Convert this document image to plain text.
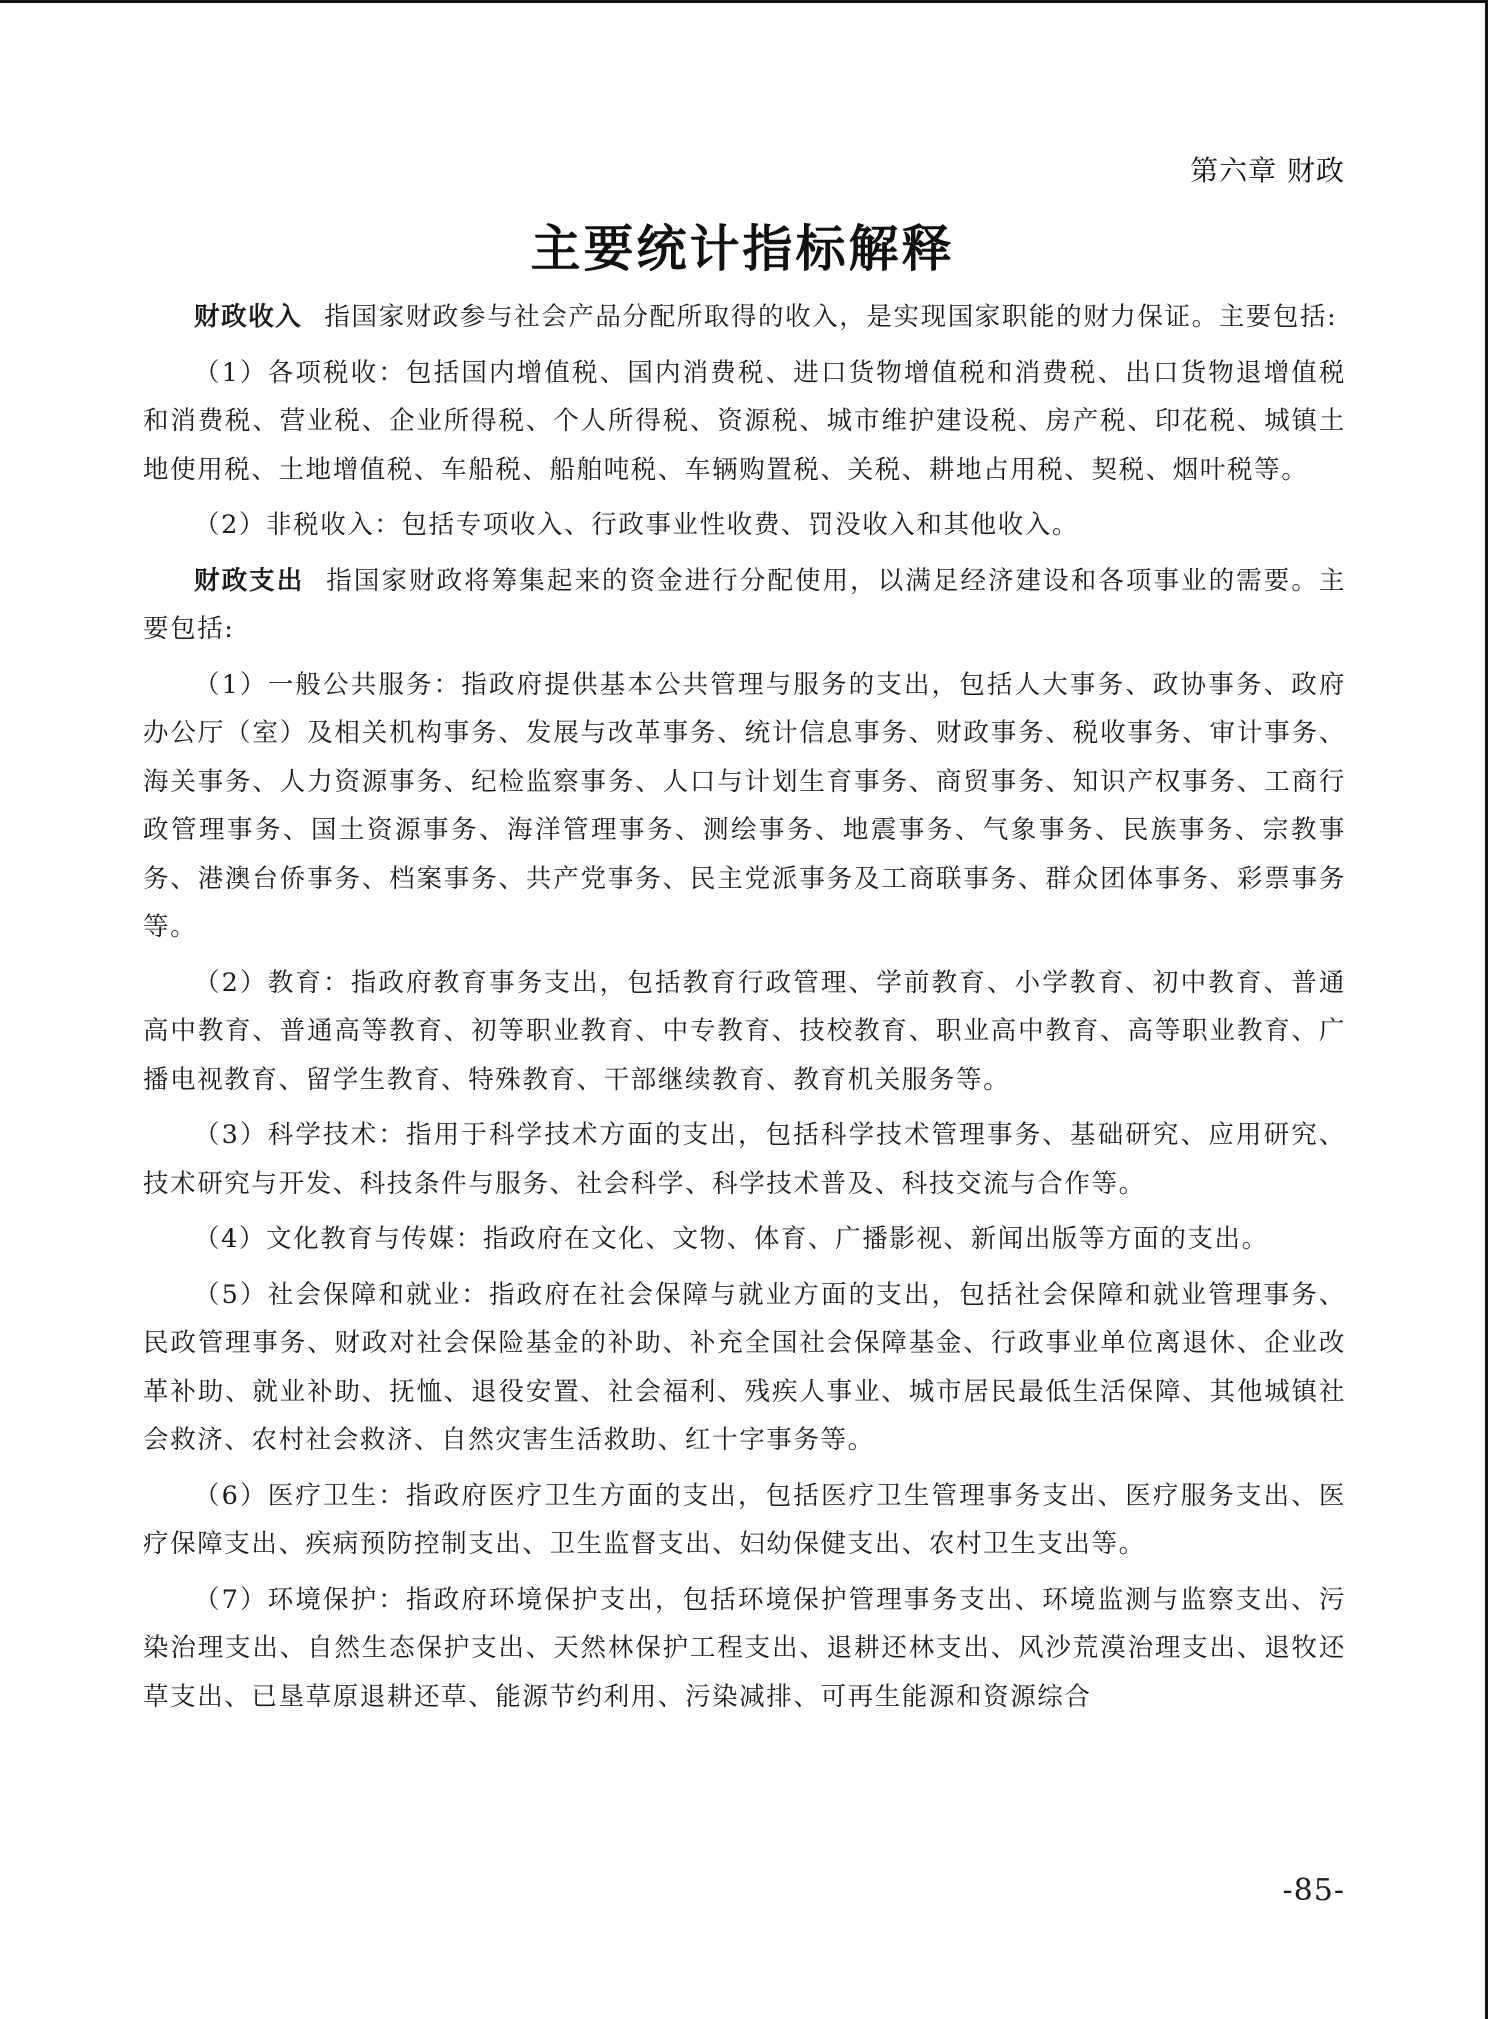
第六章 财政
主要统计指标解释

财政收入 指国家财政参与社会产品分配所取得的收入，是实现国家职能的财力保证。主要包括:

（1）各项税收：包括国内增值税、国内消费税、进口货物增值税和消费税、出口货物退增值税和消费税、营业税、企业所得税、个人所得税、资源税、城市维护建设税、房产税、印花税、城镇土地使用税、土地增值税、车船税、船舶吨税、车辆购置税、关税、耕地占用税、契税、烟叶税等。

（2）非税收入：包括专项收入、行政事业性收费、罚没收入和其他收入。

财政支出 指国家财政将筹集起来的资金进行分配使用，以满足经济建设和各项事业的需要。主要包括:

（1）一般公共服务：指政府提供基本公共管理与服务的支出，包括人大事务、政协事务、政府办公厅（室）及相关机构事务、发展与改革事务、统计信息事务、财政事务、税收事务、审计事务、海关事务、人力资源事务、纪检监察事务、人口与计划生育事务、商贸事务、知识产权事务、工商行政管理事务、国土资源事务、海洋管理事务、测绘事务、地震事务、气象事务、民族事务、宗教事务、港澳台侨事务、档案事务、共产党事务、民主党派事务及工商联事务、群众团体事务、彩票事务等。

（2）教育：指政府教育事务支出，包括教育行政管理、学前教育、小学教育、初中教育、普通高中教育、普通高等教育、初等职业教育、中专教育、技校教育、职业高中教育、高等职业教育、广播电视教育、留学生教育、特殊教育、干部继续教育、教育机关服务等。

（3）科学技术：指用于科学技术方面的支出，包括科学技术管理事务、基础研究、应用研究、技术研究与开发、科技条件与服务、社会科学、科学技术普及、科技交流与合作等。

（4）文化教育与传媒：指政府在文化、文物、体育、广播影视、新闻出版等方面的支出。

（5）社会保障和就业：指政府在社会保障与就业方面的支出，包括社会保障和就业管理事务、民政管理事务、财政对社会保险基金的补助、补充全国社会保障基金、行政事业单位离退休、企业改革补助、就业补助、抚恤、退役安置、社会福利、残疾人事业、城市居民最低生活保障、其他城镇社会救济、农村社会救济、自然灾害生活救助、红十字事务等。

（6）医疗卫生：指政府医疗卫生方面的支出，包括医疗卫生管理事务支出、医疗服务支出、医疗保障支出、疾病预防控制支出、卫生监督支出、妇幼保健支出、农村卫生支出等。

（7）环境保护：指政府环境保护支出，包括环境保护管理事务支出、环境监测与监察支出、污染治理支出、自然生态保护支出、天然林保护工程支出、退耕还林支出、风沙荒漠治理支出、退牧还草支出、已垦草原退耕还草、能源节约利用、污染减排、可再生能源和资源综合

-85-
